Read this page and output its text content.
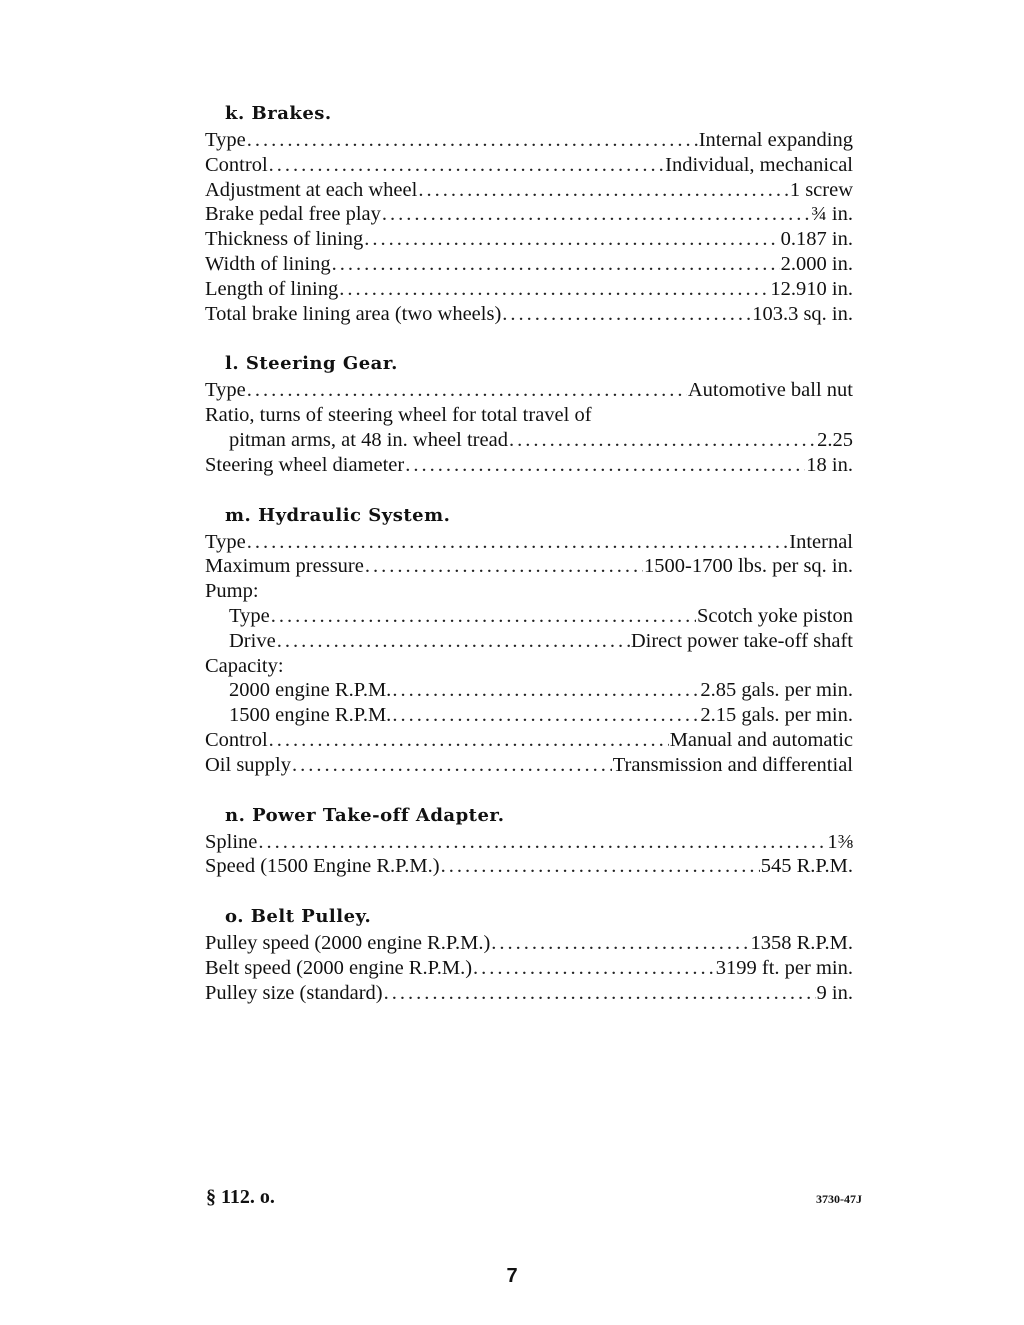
k. Brakes.
Type .....	Internal expanding
Control .....	Individual, mechanical
Adjustment at each wheel .....	1 screw
Brake pedal free play .....	¾ in.
Thickness of lining .....	0.187 in.
Width of lining .....	2.000 in.
Length of lining .....	12.910 in.
Total brake lining area (two wheels) .....	103.3 sq. in.
l. Steering Gear.
Type .....	Automotive ball nut
Ratio, turns of steering wheel for total travel of
pitman arms, at 48 in. wheel tread .....	2.25
Steering wheel diameter .....	18 in.
m. Hydraulic System.
Type .....	Internal
Maximum pressure .....	1500-1700 lbs. per sq. in.
Pump:
Type .....	Scotch yoke piston
Drive .....	Direct power take-off shaft
Capacity:
2000 engine R.P.M. .....	2.85 gals. per min.
1500 engine R.P.M. .....	2.15 gals. per min.
Control .....	Manual and automatic
Oil supply .....	Transmission and differential
n. Power Take-off Adapter.
Spline .....	1⅜
Speed (1500 Engine R.P.M.) .....	545 R.P.M.
o. Belt Pulley.
Pulley speed (2000 engine R.P.M.) .....	1358 R.P.M.
Belt speed (2000 engine R.P.M.) .....	3199 ft. per min.
Pulley size (standard) .....	9 in.
§ 112. o.	3730-47J
7
